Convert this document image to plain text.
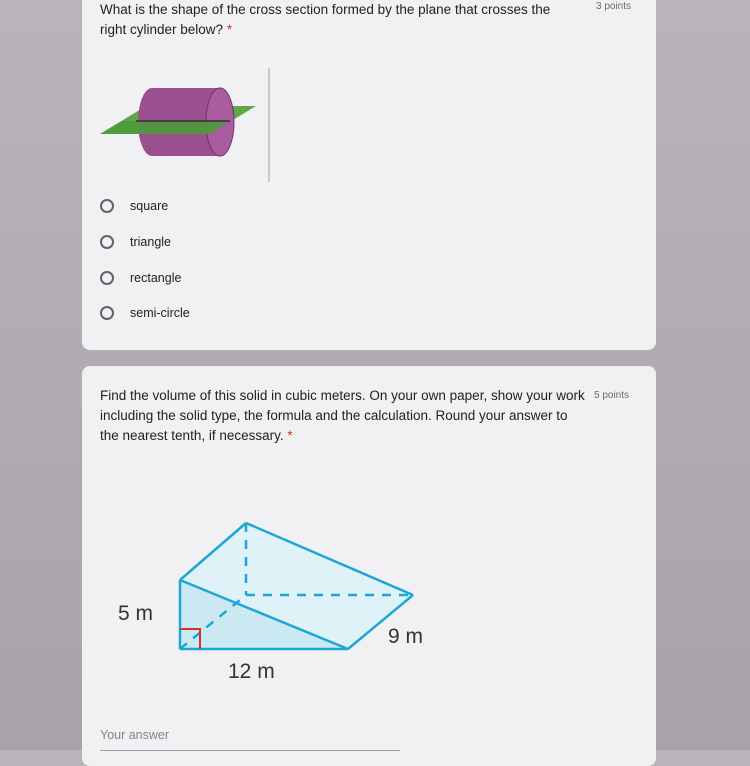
What is the shape of the cross section formed by the plane that crosses the right cylinder below? *
3 points
square
triangle
rectangle
semi-circle
Find the volume of this solid in cubic meters. On your own paper, show your work including the solid type, the formula and the calculation. Round your answer to the nearest tenth, if necessary. *
5 points
5 m
12 m
9 m
Your answer
